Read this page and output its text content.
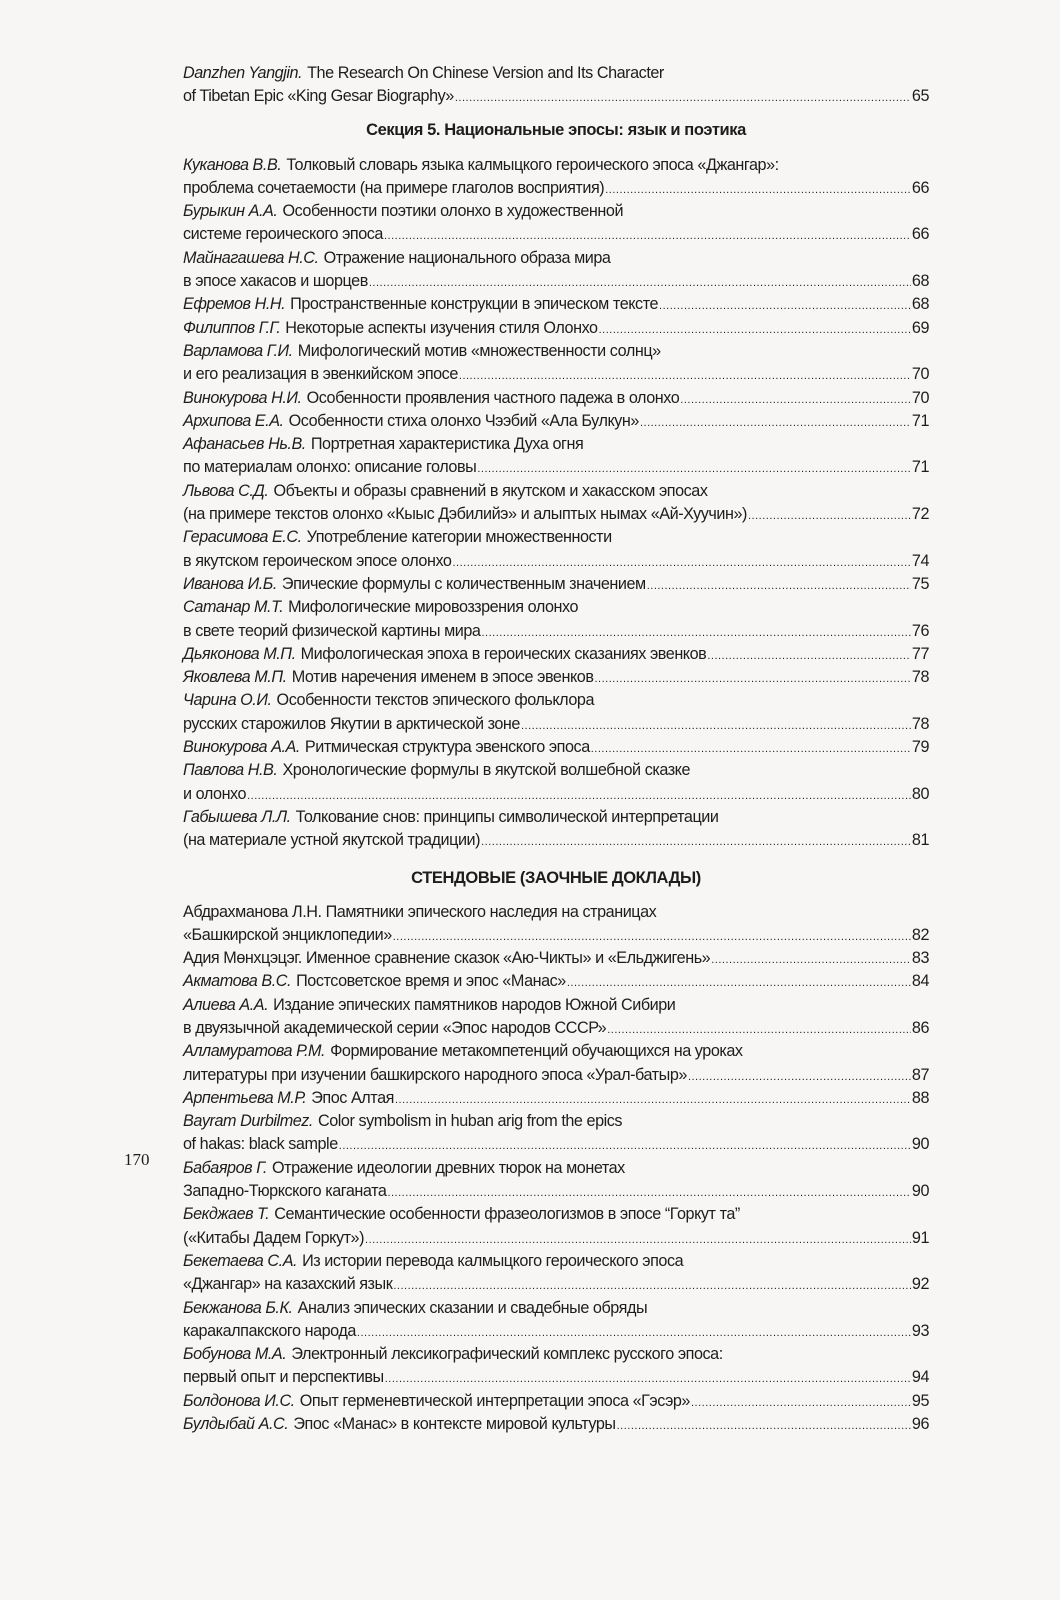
Danzhen Yangjin. The Research On Chinese Version and Its Character
of Tibetan Epic «King Gesar Biography» .....	65
Секция 5. Национальные эпосы: язык и поэтика
Куканова В.В. Толковый словарь языка калмыцкого героического эпоса «Джангар»:
проблема сочетаемости (на примере глаголов восприятия) .....	66
Бурыкин А.А. Особенности поэтики олонхо в художественной
системе героического эпоса .....	66
Майнагашева Н.С. Отражение национального образа мира
в эпосе хакасов и шорцев .....	68
Ефремов Н.Н. Пространственные конструкции в эпическом тексте .....	68
Филиппов Г.Г. Некоторые аспекты изучения стиля Олонхо .....	69
Варламова Г.И. Мифологический мотив «множественности солнц»
и его реализация в эвенкийском эпосе .....	70
Винокурова Н.И. Особенности проявления частного падежа в олонхо .....	70
Архипова Е.А. Особенности стиха олонхо Чээбий «Ала Булкун» .....	71
Афанасьев Нь.В. Портретная характеристика Духа огня
по материалам олонхо: описание головы .....	71
Львова С.Д. Объекты и образы сравнений в якутском и хакасском эпосах
(на примере текстов олонхо «Кыыс Дэбилийэ» и алыптых нымах «Ай-Хуучин») .....	72
Герасимова Е.С. Употребление категории множественности
в якутском героическом эпосе олонхо .....	74
Иванова И.Б. Эпические формулы с количественным значением .....	75
Сатанар М.Т. Мифологические мировоззрения олонхо
в свете теорий физической картины мира .....	76
Дьяконова М.П. Мифологическая эпоха в героических сказаниях эвенков .....	77
Яковлева М.П. Мотив наречения именем в эпосе эвенков .....	78
Чарина О.И. Особенности текстов эпического фольклора
русских старожилов Якутии в арктической зоне .....	78
Винокурова А.А. Ритмическая структура эвенского эпоса .....	79
Павлова Н.В. Хронологические формулы в якутской волшебной сказке
и олонхо .....	80
Габышева Л.Л. Толкование снов: принципы символической интерпретации
(на материале устной якутской традиции) .....	81
СТЕНДОВЫЕ (ЗАОЧНЫЕ ДОКЛАДЫ)
Абдрахманова Л.Н. Памятники эпического наследия на страницах
«Башкирской энциклопедии» .....	82
Адия Мөнхцэцэг. Именное сравнение сказок «Аю-Чикты» и «Ельджигень» .....	83
Акматова В.С. Постсоветское время и эпос «Манас» .....	84
Алиева А.А. Издание эпических памятников народов Южной Сибири
в двуязычной академической серии «Эпос народов СССР» .....	86
Алламуратова Р.М. Формирование метакомпетенций обучающихся на уроках
литературы при изучении башкирского народного эпоса «Урал-батыр» .....	87
Арпентьева М.Р. Эпос Алтая .....	88
Bayram Durbilmez. Color symbolism in huban arig from the epics
of hakas: black sample .....	90
Бабаяров Г. Отражение идеологии древних тюрок на монетах
Западно-Тюркского каганата .....	90
Бекджаев Т. Семантические особенности фразеологизмов в эпосе “Горкут та”
(«Китабы Дадем Горкут») .....	91
Бекетаева С.А. Из истории перевода калмыцкого героического эпоса
«Джангар» на казахский язык .....	92
Бекжанова Б.К. Анализ эпических сказании и свадебные обряды
каракалпакского народа .....	93
Бобунова М.А. Электронный лексикографический комплекс русского эпоса:
первый опыт и перспективы .....	94
Болдонова И.С. Опыт герменевтической интерпретации эпоса «Гэсэр» .....	95
Булдыбай А.С. Эпос «Манас» в контексте мировой культуры .....	96
170
